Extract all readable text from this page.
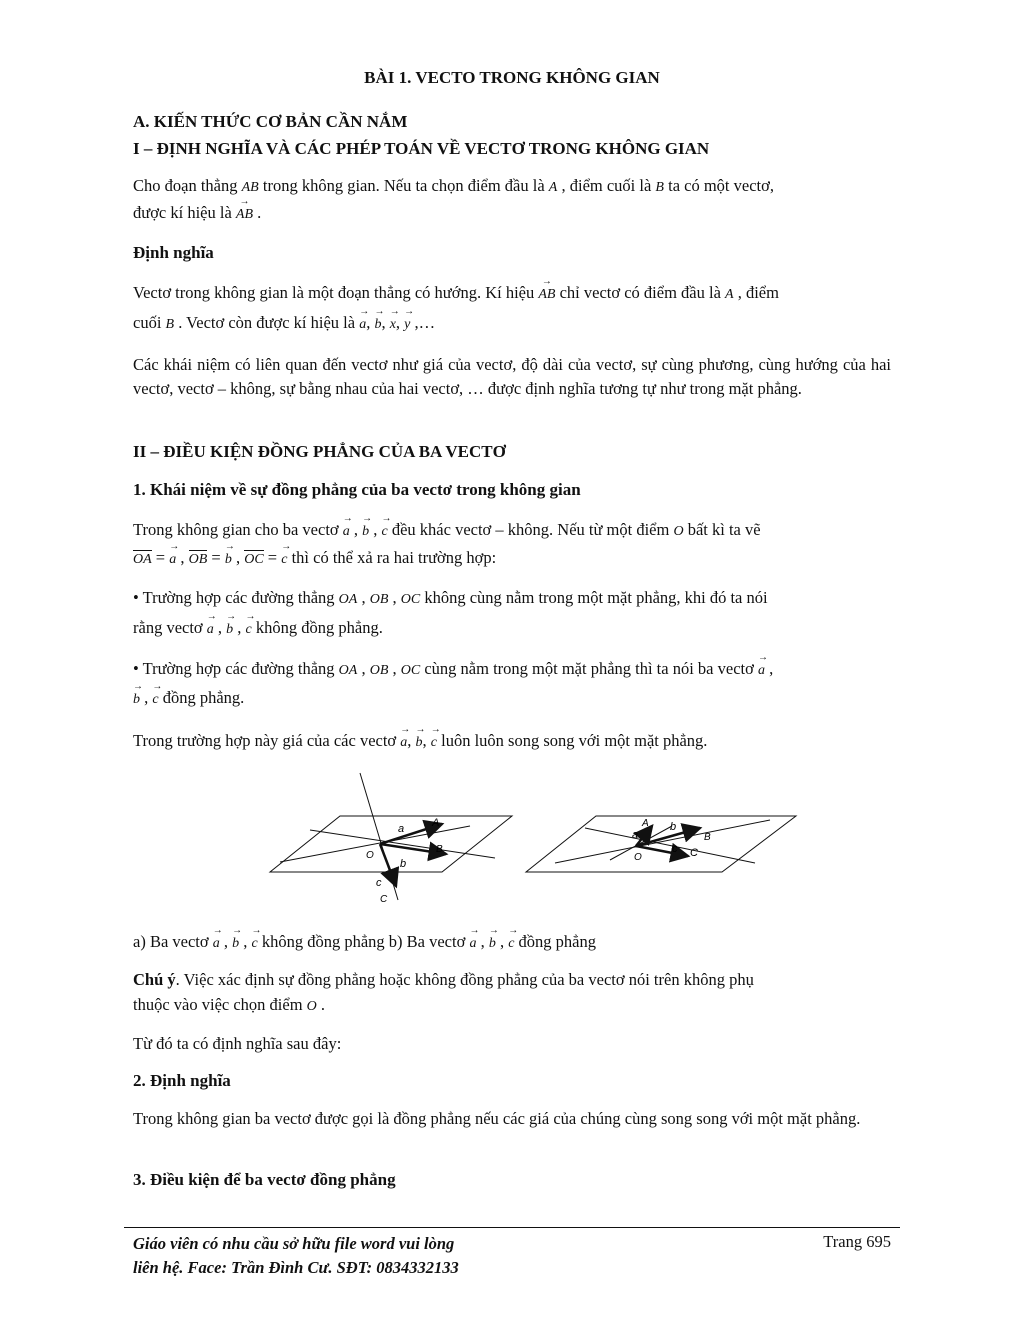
BÀI 1. VECTO TRONG KHÔNG GIAN
A. KIẾN THỨC CƠ BẢN CẦN NẮM
I – ĐỊNH NGHĨA VÀ CÁC PHÉP TOÁN VỀ VECTƠ TRONG KHÔNG GIAN
Cho đoạn thẳng AB trong không gian. Nếu ta chọn điểm đầu là A , điểm cuối là B ta có một vectơ,
được kí hiệu là → AB .
Định nghĩa
Vectơ trong không gian là một đoạn thẳng có hướng. Kí hiệu → AB chỉ vectơ có điểm đầu là A , điểm
cuối B . Vectơ còn được kí hiệu là → a, → b, → x, → y ,…
Các khái niệm có liên quan đến vectơ như giá của vectơ, độ dài của vectơ, sự cùng phương, cùng hướng của hai vectơ, vectơ – không, sự bằng nhau của hai vectơ, … được định nghĩa tương tự như trong mặt phẳng.
II – ĐIỀU KIỆN ĐỒNG PHẲNG CỦA BA VECTƠ
1. Khái niệm về sự đồng phẳng của ba vectơ trong không gian
Trong không gian cho ba vectơ → a , → b , → c đều khác vectơ – không. Nếu từ một điểm O bất kì ta vẽ
OA = → a , OB = → b , OC = → c thì có thể xả ra hai trường hợp:
• Trường hợp các đường thẳng OA , OB , OC không cùng nằm trong một mặt phẳng, khi đó ta nói
rằng vectơ → a , → b , → c không đồng phẳng.
• Trường hợp các đường thẳng OA , OB , OC cùng nằm trong một mặt phẳng thì ta nói ba vectơ → a ,
→ b , → c đồng phẳng.
Trong trường hợp này giá của các vectơ → a, → b, → c luôn luôn song song với một mặt phẳng.
a) Ba vectơ → a , → b , → c không đồng phẳng b) Ba vectơ → a , → b , → c đồng phẳng
Chú ý. Việc xác định sự đồng phẳng hoặc không đồng phẳng của ba vectơ nói trên không phụ
thuộc vào việc chọn điểm O .
Từ đó ta có định nghĩa sau đây:
2. Định nghĩa
Trong không gian ba vectơ được gọi là đồng phẳng nếu các giá của chúng cùng song song với một mặt phẳng.
3. Điều kiện để ba vectơ đồng phẳng
a	A
O
B
b
c
C
a
A b
B
O
c C
Giáo viên có nhu cầu sở hữu file word vui lòng
liên hệ. Face: Trần Đình Cư. SĐT: 0834332133
Trang 695
